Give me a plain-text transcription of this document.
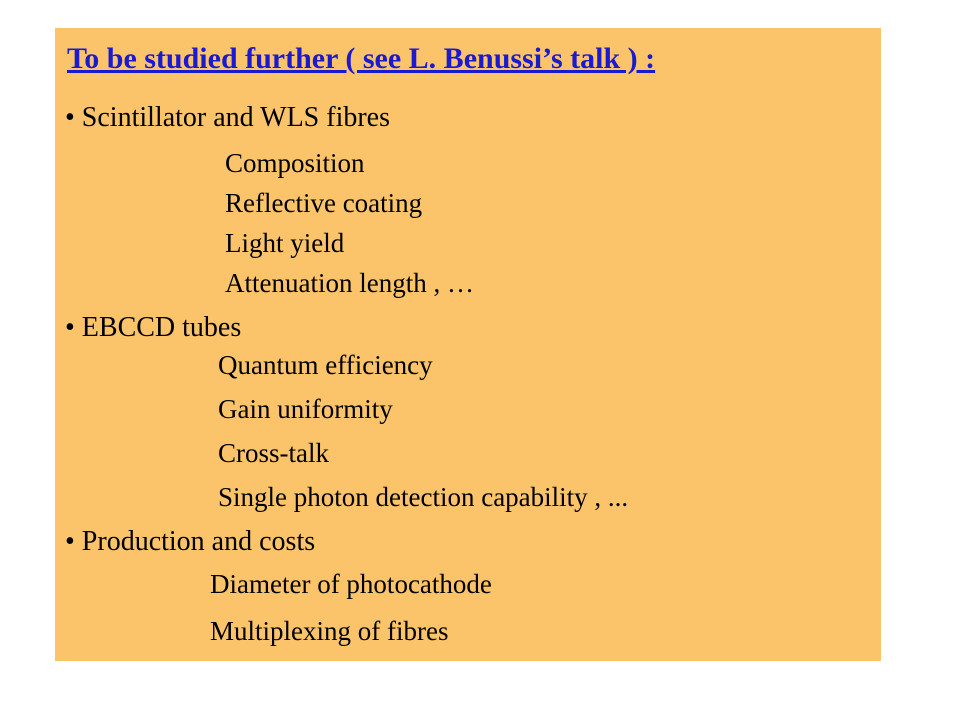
To be studied further ( see L. Benussi’s talk ) :
• Scintillator and WLS fibres
Composition
Reflective coating
Light yield
Attenuation length , …
• EBCCD tubes
Quantum efficiency
Gain uniformity
Cross-talk
Single photon detection capability , ...
• Production and costs
Diameter of photocathode
Multiplexing of fibres
